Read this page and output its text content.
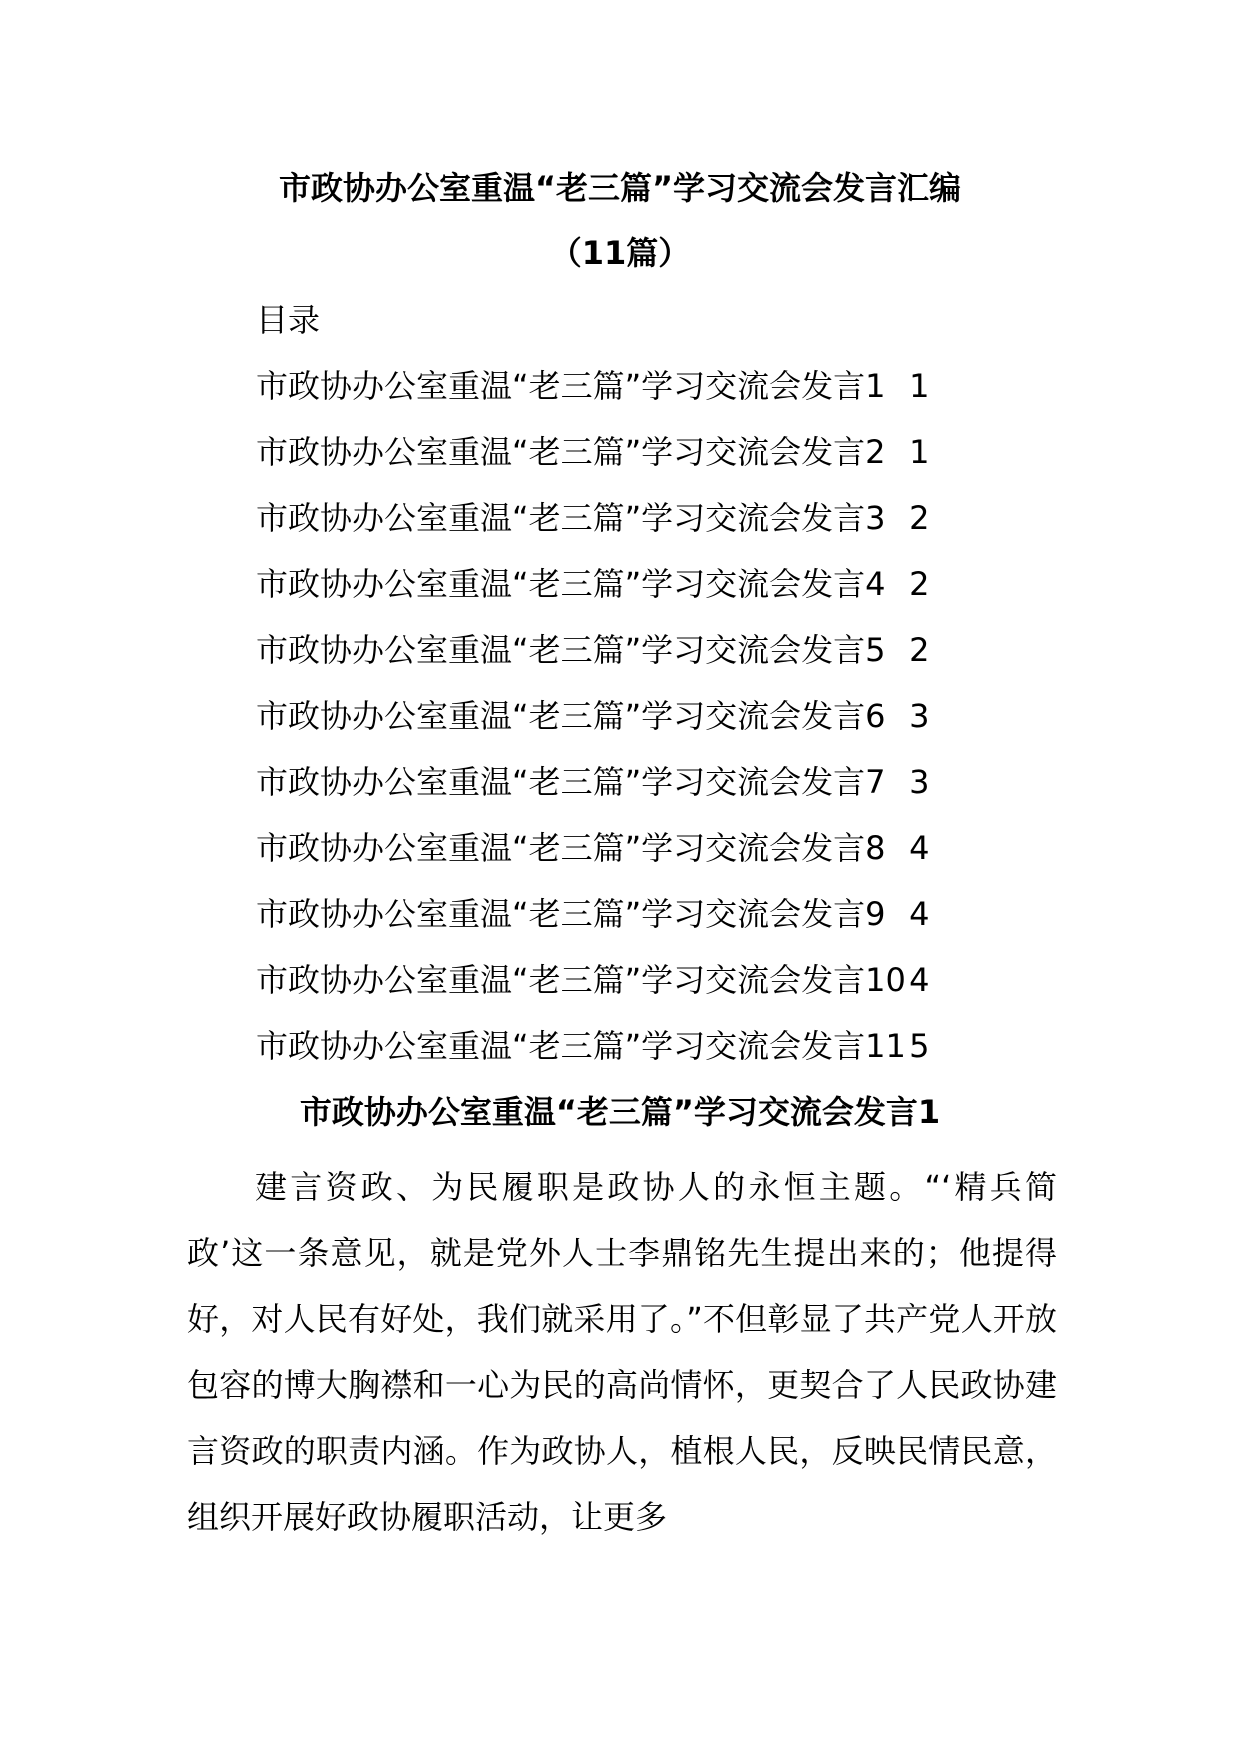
市政协办公室重温“老三篇”学习交流会发言汇编
（11篇）
目录
市政协办公室重温“老三篇”学习交流会发言1 1
市政协办公室重温“老三篇”学习交流会发言2 1
市政协办公室重温“老三篇”学习交流会发言3 2
市政协办公室重温“老三篇”学习交流会发言4 2
市政协办公室重温“老三篇”学习交流会发言5 2
市政协办公室重温“老三篇”学习交流会发言6 3
市政协办公室重温“老三篇”学习交流会发言7 3
市政协办公室重温“老三篇”学习交流会发言8 4
市政协办公室重温“老三篇”学习交流会发言9 4
市政协办公室重温“老三篇”学习交流会发言10 4
市政协办公室重温“老三篇”学习交流会发言11 5
市政协办公室重温“老三篇”学习交流会发言1

建言资政、为民履职是政协人的永恒主题。“‘精兵简政’这一条意见，就是党外人士李鼎铭先生提出来的；他提得好，对人民有好处，我们就采用了。”不但彰显了共产党人开放包容的博大胸襟和一心为民的高尚情怀，更契合了人民政协建言资政的职责内涵。作为政协人，植根人民，反映民情民意，组织开展好政协履职活动，让更多
